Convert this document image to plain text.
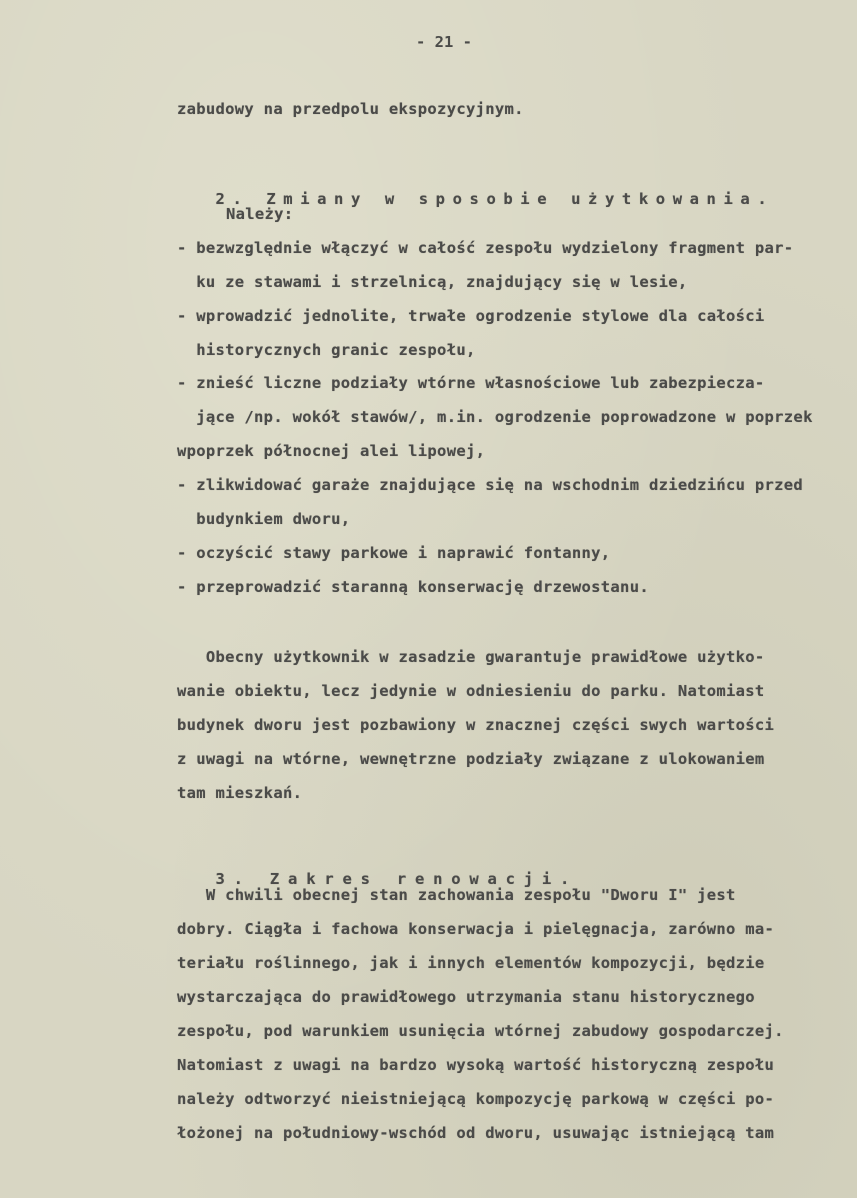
- 21 -
zabudowy na przedpolu ekspozycyjnym.

2. Zmiany w sposobie użytkowania.

Należy:
- bezwzględnie włączyć w całość zespołu wydzielony fragment par-
ku ze stawami i strzelnicą, znajdujący się w lesie,
- wprowadzić jednolite, trwałe ogrodzenie stylowe dla całości
historycznych granic zespołu,
- znieść liczne podziały wtórne własnościowe lub zabezpiecza-
jące /np. wokół stawów/, m.in. ogrodzenie poprowadzone w poprzek
wpoprzek północnej alei lipowej,
- zlikwidować garaże znajdujące się na wschodnim dziedzińcu przed
budynkiem dworu,
- oczyścić stawy parkowe i naprawić fontanny,
- przeprowadzić staranną konserwację drzewostanu.
Obecny użytkownik w zasadzie gwarantuje prawidłowe użytko-
wanie obiektu, lecz jedynie w odniesieniu do parku. Natomiast
budynek dworu jest pozbawiony w znacznej części swych wartości
z uwagi na wtórne, wewnętrzne podziały związane z ulokowaniem
tam mieszkań.

3. Zakres renowacji.

W chwili obecnej stan zachowania zespołu "Dworu I" jest
dobry. Ciągła i fachowa konserwacja i pielęgnacja, zarówno ma-
teriału roślinnego, jak i innych elementów kompozycji, będzie
wystarczająca do prawidłowego utrzymania stanu historycznego
zespołu, pod warunkiem usunięcia wtórnej zabudowy gospodarczej.
Natomiast z uwagi na bardzo wysoką wartość historyczną zespołu
należy odtworzyć nieistniejącą kompozycję parkową w części po-
łożonej na południowy-wschód od dworu, usuwając istniejącą tam
